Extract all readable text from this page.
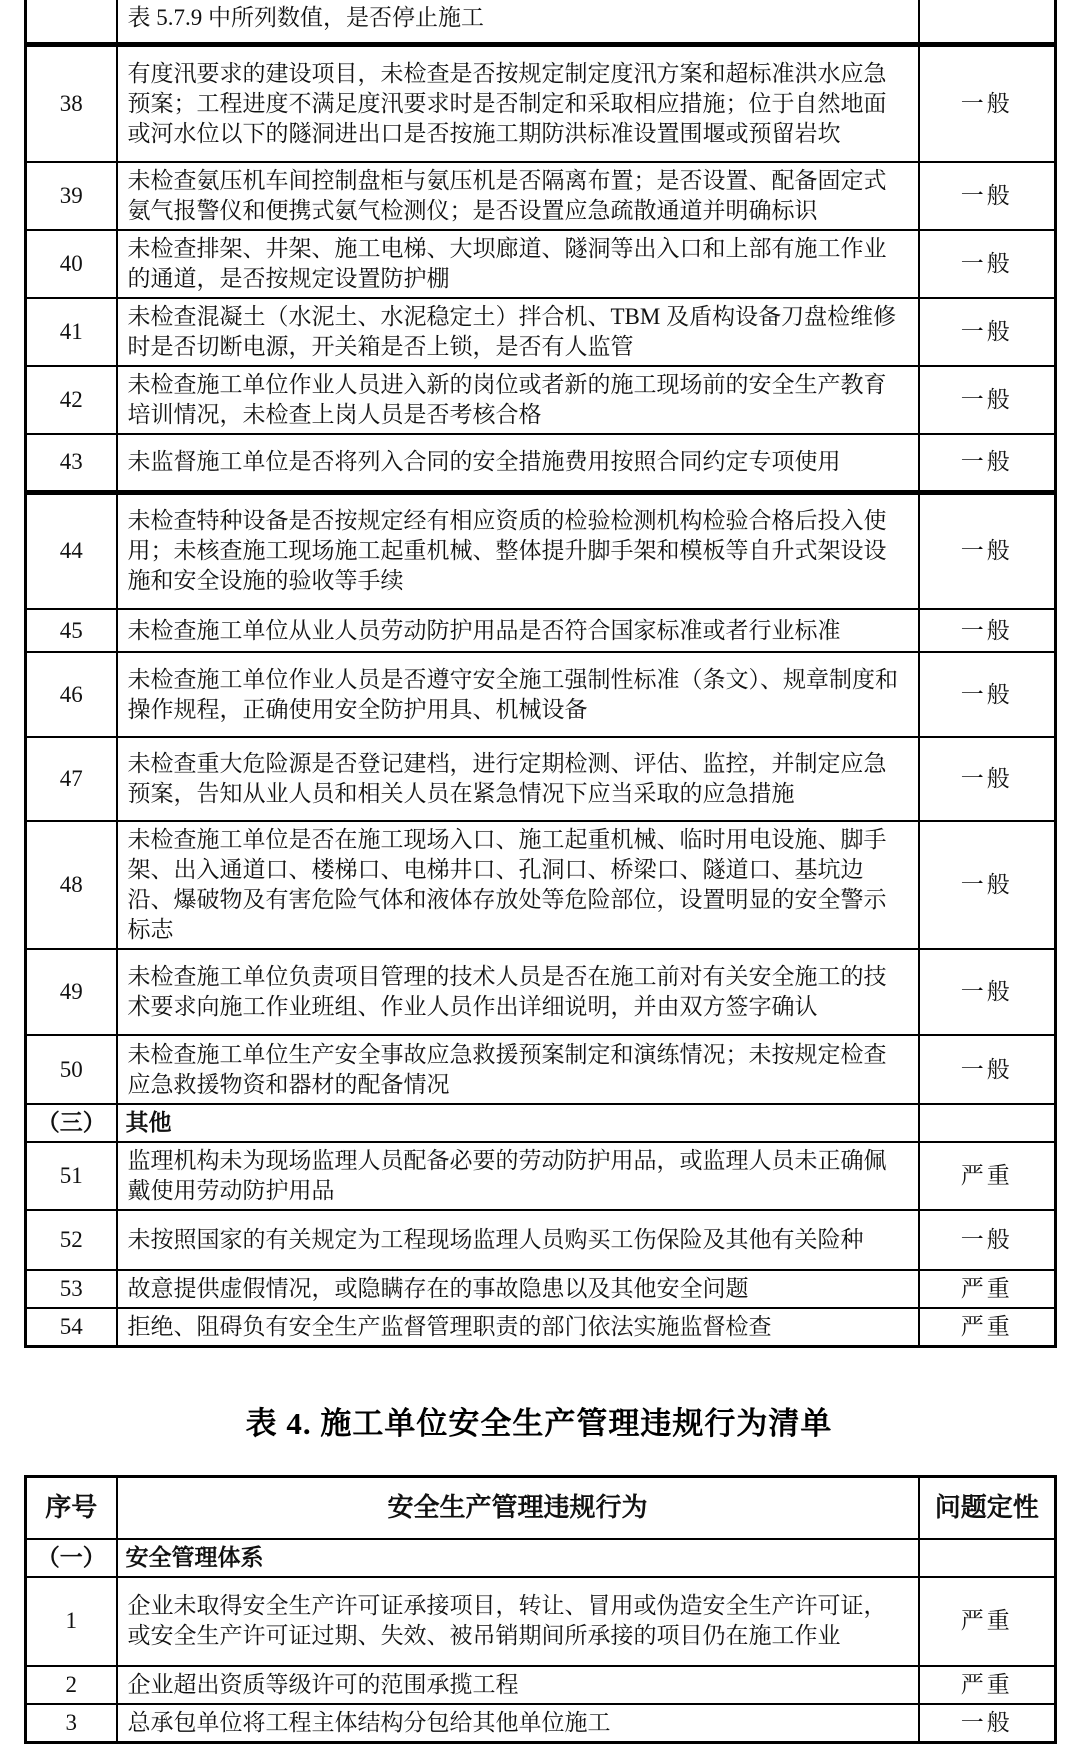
	表 5.7.9 中所列数值，是否停止施工	
38	有度汛要求的建设项目，未检查是否按规定制定度汛方案和超标准洪水应急预案；工程进度不满足度汛要求时是否制定和采取相应措施；位于自然地面或河水位以下的隧洞进出口是否按施工期防洪标准设置围堰或预留岩坎	一般
39	未检查氨压机车间控制盘柜与氨压机是否隔离布置；是否设置、配备固定式氨气报警仪和便携式氨气检测仪；是否设置应急疏散通道并明确标识	一般
40	未检查排架、井架、施工电梯、大坝廊道、隧洞等出入口和上部有施工作业的通道，是否按规定设置防护棚	一般
41	未检查混凝土（水泥土、水泥稳定土）拌合机、TBM 及盾构设备刀盘检维修时是否切断电源，开关箱是否上锁，是否有人监管	一般
42	未检查施工单位作业人员进入新的岗位或者新的施工现场前的安全生产教育培训情况，未检查上岗人员是否考核合格	一般
43	未监督施工单位是否将列入合同的安全措施费用按照合同约定专项使用	一般
44	未检查特种设备是否按规定经有相应资质的检验检测机构检验合格后投入使用；未核查施工现场施工起重机械、整体提升脚手架和模板等自升式架设设施和安全设施的验收等手续	一般
45	未检查施工单位从业人员劳动防护用品是否符合国家标准或者行业标准	一般
46	未检查施工单位作业人员是否遵守安全施工强制性标准（条文）、规章制度和操作规程，正确使用安全防护用具、机械设备	一般
47	未检查重大危险源是否登记建档，进行定期检测、评估、监控，并制定应急预案，告知从业人员和相关人员在紧急情况下应当采取的应急措施	一般
48	未检查施工单位是否在施工现场入口、施工起重机械、临时用电设施、脚手架、出入通道口、楼梯口、电梯井口、孔洞口、桥梁口、隧道口、基坑边沿、爆破物及有害危险气体和液体存放处等危险部位，设置明显的安全警示标志	一般
49	未检查施工单位负责项目管理的技术人员是否在施工前对有关安全施工的技术要求向施工作业班组、作业人员作出详细说明，并由双方签字确认	一般
50	未检查施工单位生产安全事故应急救援预案制定和演练情况；未按规定检查应急救援物资和器材的配备情况	一般
（三）	其他	
51	监理机构未为现场监理人员配备必要的劳动防护用品，或监理人员未正确佩戴使用劳动防护用品	严重
52	未按照国家的有关规定为工程现场监理人员购买工伤保险及其他有关险种	一般
53	故意提供虚假情况，或隐瞒存在的事故隐患以及其他安全问题	严重
54	拒绝、阻碍负有安全生产监督管理职责的部门依法实施监督检查	严重
表 4. 施工单位安全生产管理违规行为清单
序号	安全生产管理违规行为	问题定性
（一）	安全管理体系	
1	企业未取得安全生产许可证承接项目，转让、冒用或伪造安全生产许可证，或安全生产许可证过期、失效、被吊销期间所承接的项目仍在施工作业	严重
2	企业超出资质等级许可的范围承揽工程	严重
3	总承包单位将工程主体结构分包给其他单位施工	一般
